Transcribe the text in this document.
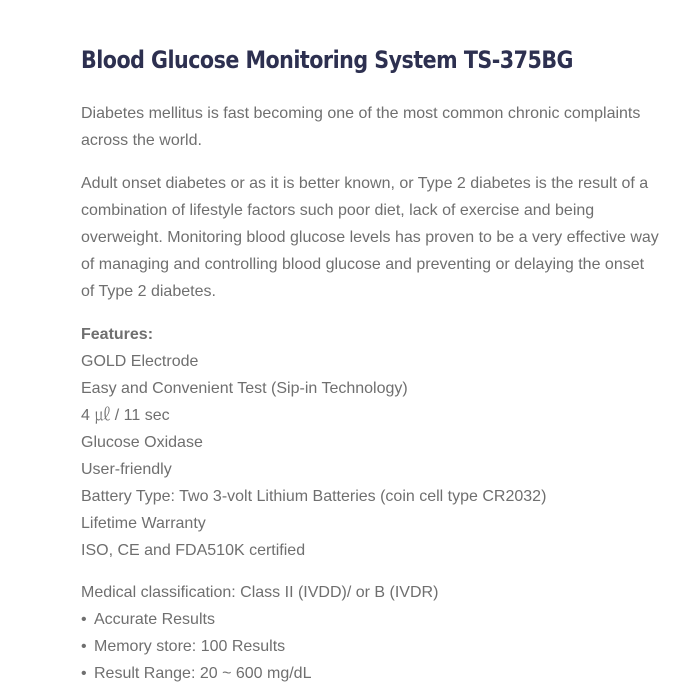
Blood Glucose Monitoring System TS-375BG

Diabetes mellitus is fast becoming one of the most common chronic complaints across the world.

Adult onset diabetes or as it is better known, or Type 2 diabetes is the result of a combination of lifestyle factors such poor diet, lack of exercise and being overweight. Monitoring blood glucose levels has proven to be a very effective way of managing and controlling blood glucose and preventing or delaying the onset of Type 2 diabetes.

Features:
GOLD Electrode
Easy and Convenient Test (Sip-in Technology)
4 ㎕ / 11 sec
Glucose Oxidase
User-friendly
Battery Type: Two 3-volt Lithium Batteries (coin cell type CR2032)
Lifetime Warranty
ISO, CE and FDA510K certified
Medical classification: Class II (IVDD)/ or B (IVDR)
• Accurate Results
• Memory store: 100 Results
• Result Range: 20 ~ 600 mg/dL
